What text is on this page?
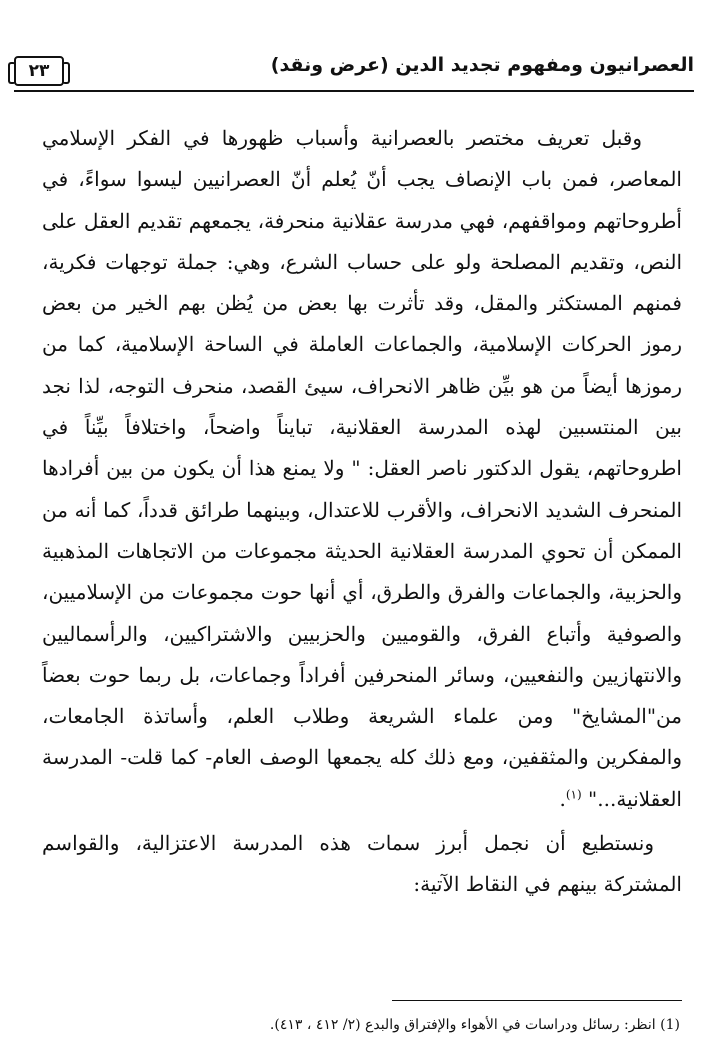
٢٣	العصرانيون ومفهوم تجديد الدين (عرض ونقد)

وقبل تعريف مختصر بالعصرانية وأسباب ظهورها في الفكر الإسلامي المعاصر، فمن باب الإنصاف يجب أنّ يُعلم أنّ العصرانيين ليسوا سواءً، في أطروحاتهم ومواقفهم، فهي مدرسة عقلانية منحرفة، يجمعهم تقديم العقل على النص، وتقديم المصلحة ولو على حساب الشرع، وهي: جملة توجهات فكرية، فمنهم المستكثر والمقل، وقد تأثرت بها بعض من يُظن بهم الخير من بعض رموز الحركات الإسلامية، والجماعات العاملة في الساحة الإسلامية، كما من رموزها أيضاً من هو بيِّن ظاهر الانحراف، سيئ القصد، منحرف التوجه، لذا نجد بين المنتسبين لهذه المدرسة العقلانية، تبايناً واضحاً، واختلافاً بيِّناً في اطروحاتهم، يقول الدكتور ناصر العقل: " ولا يمنع هذا أن يكون من بين أفرادها المنحرف الشديد الانحراف، والأقرب للاعتدال، وبينهما طرائق قدداً، كما أنه من الممكن أن تحوي المدرسة العقلانية الحديثة مجموعات من الاتجاهات المذهبية والحزبية، والجماعات والفرق والطرق، أي أنها حوت مجموعات من الإسلاميين، والصوفية وأتباع الفرق، والقوميين والحزبيين والاشتراكيين، والرأسماليين والانتهازيين والنفعيين، وسائر المنحرفين أفراداً وجماعات، بل ربما حوت بعضاً من"المشايخ" ومن علماء الشريعة وطلاب العلم، وأساتذة الجامعات، والمفكرين والمثقفين، ومع ذلك كله يجمعها الوصف العام- كما قلت- المدرسة العقلانية..." $^{(١)}$.

ونستطيع أن نجمل أبرز سمات هذه المدرسة الاعتزالية، والقواسم المشتركة بينهم في النقاط الآتية:

(1) انظر: رسائل ودراسات في الأهواء والإفتراق والبدع (٢/ ٤١٢ ، ٤١٣).
